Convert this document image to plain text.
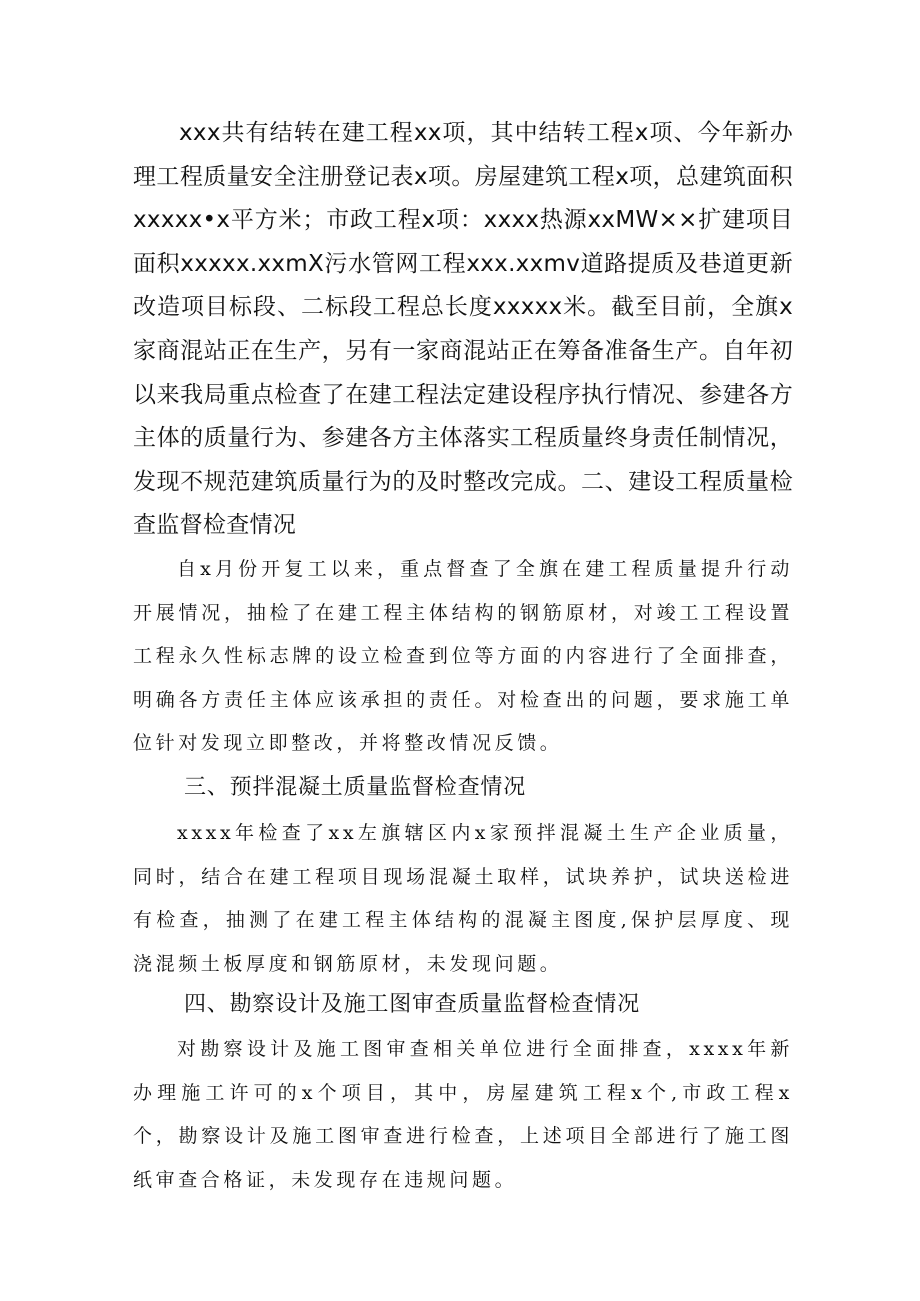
xxx共有结转在建工程xx项，其中结转工程x项、今年新办理工程质量安全注册登记表x项。房屋建筑工程x项，总建筑面积xxxxx•x平方米；市政工程x项：xxxx热源xxMW××扩建项目面积xxxxx.xxmX污水管网工程xxx.xxmv道路提质及巷道更新改造项目标段、二标段工程总长度xxxxx米。截至目前，全旗x家商混站正在生产，另有一家商混站正在筹备准备生产。自年初以来我局重点检查了在建工程法定建设程序执行情况、参建各方主体的质量行为、参建各方主体落实工程质量终身责任制情况，发现不规范建筑质量行为的及时整改完成。二、建设工程质量检查监督检查情况

自x月份开复工以来，重点督查了全旗在建工程质量提升行动开展情况，抽检了在建工程主体结构的钢筋原材，对竣工工程设置工程永久性标志牌的设立检查到位等方面的内容进行了全面排查，明确各方责任主体应该承担的责任。对检查出的问题，要求施工单位针对发现立即整改，并将整改情况反馈。

三、预拌混凝土质量监督检查情况

xxxx年检查了xx左旗辖区内x家预拌混凝土生产企业质量，同时，结合在建工程项目现场混凝土取样，试块养护，试块送检进有检查，抽测了在建工程主体结构的混凝主图度,保护层厚度、现浇混频土板厚度和钢筋原材，未发现问题。

四、勘察设计及施工图审查质量监督检查情况

对勘察设计及施工图审查相关单位进行全面排查，xxxx年新办理施工许可的x个项目，其中，房屋建筑工程x个,市政工程x个，勘察设计及施工图审查进行检查，上述项目全部进行了施工图纸审查合格证，未发现存在违规问题。
